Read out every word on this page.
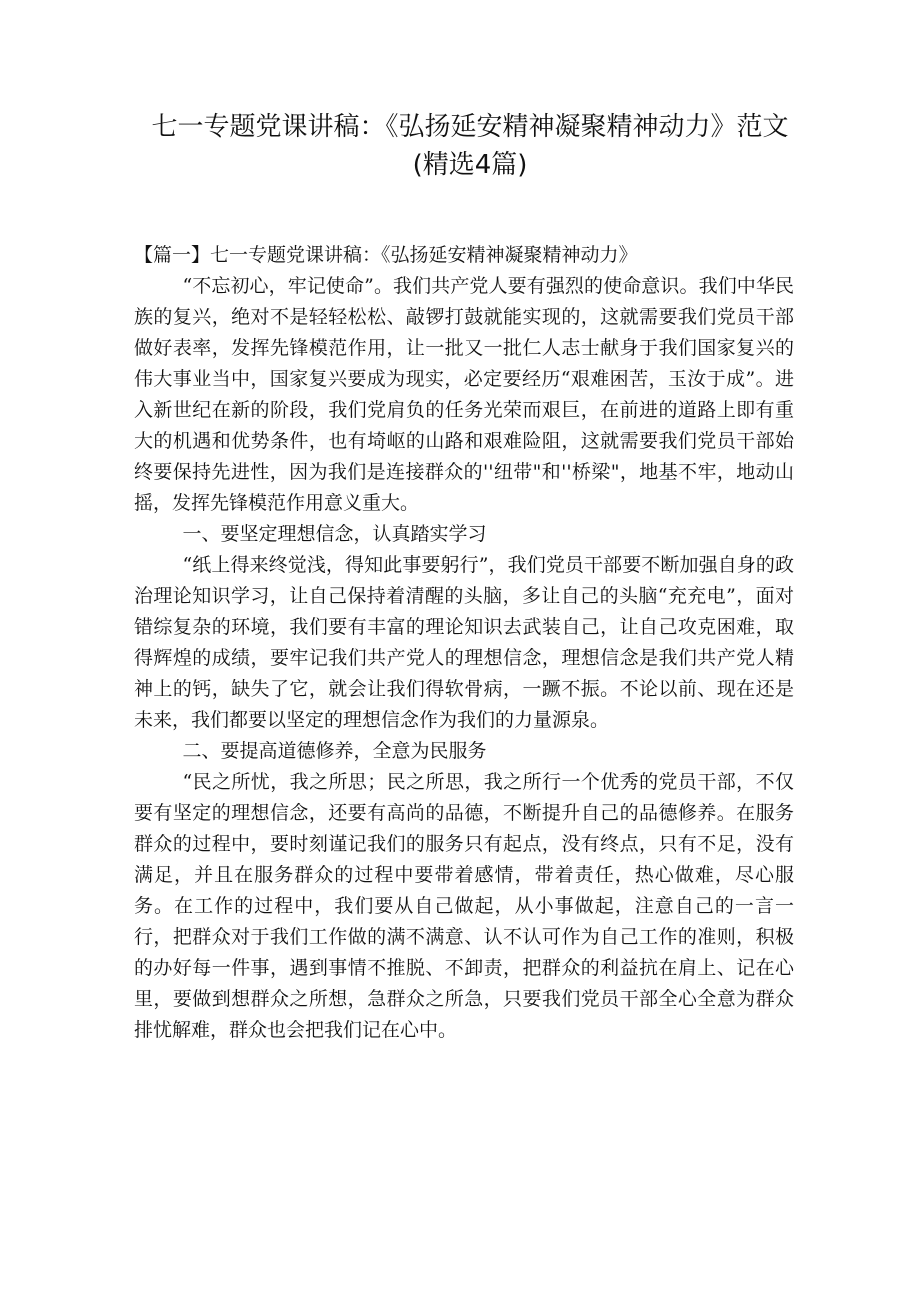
七一专题党课讲稿：《弘扬延安精神凝聚精神动力》范文
(精选4篇)

【篇一】七一专题党课讲稿：《弘扬延安精神凝聚精神动力》

“不忘初心，牢记使命”。我们共产党人要有强烈的使命意识。我们中华民族的复兴，绝对不是轻轻松松、敲锣打鼓就能实现的，这就需要我们党员干部做好表率，发挥先锋模范作用，让一批又一批仁人志士献身于我们国家复兴的伟大事业当中，国家复兴要成为现实，必定要经历“艰难困苦，玉汝于成”。进入新世纪在新的阶段，我们党肩负的任务光荣而艰巨，在前进的道路上即有重大的机遇和优势条件，也有埼岖的山路和艰难险阻，这就需要我们党员干部始终要保持先进性，因为我们是连接群众的''纽带"和''桥梁"，地基不牢，地动山摇，发挥先锋模范作用意义重大。

一、要坚定理想信念，认真踏实学习

“纸上得来终觉浅，得知此事要躬行”，我们党员干部要不断加强自身的政治理论知识学习，让自己保持着清醒的头脑，多让自己的头脑“充充电”，面对错综复杂的环境，我们要有丰富的理论知识去武装自己，让自己攻克困难，取得辉煌的成绩，要牢记我们共产党人的理想信念，理想信念是我们共产党人精神上的钙，缺失了它，就会让我们得软骨病，一蹶不振。不论以前、现在还是未来，我们都要以坚定的理想信念作为我们的力量源泉。

二、要提高道德修养，全意为民服务

“民之所忧，我之所思；民之所思，我之所行一个优秀的党员干部，不仅要有坚定的理想信念，还要有高尚的品德，不断提升自己的品德修养。在服务群众的过程中，要时刻谨记我们的服务只有起点，没有终点，只有不足，没有满足，并且在服务群众的过程中要带着感情，带着责任，热心做难，尽心服务。在工作的过程中，我们要从自己做起，从小事做起，注意自己的一言一行，把群众对于我们工作做的满不满意、认不认可作为自己工作的准则，积极的办好每一件事，遇到事情不推脱、不卸责，把群众的利益抗在肩上、记在心里，要做到想群众之所想，急群众之所急，只要我们党员干部全心全意为群众排忧解难，群众也会把我们记在心中。
